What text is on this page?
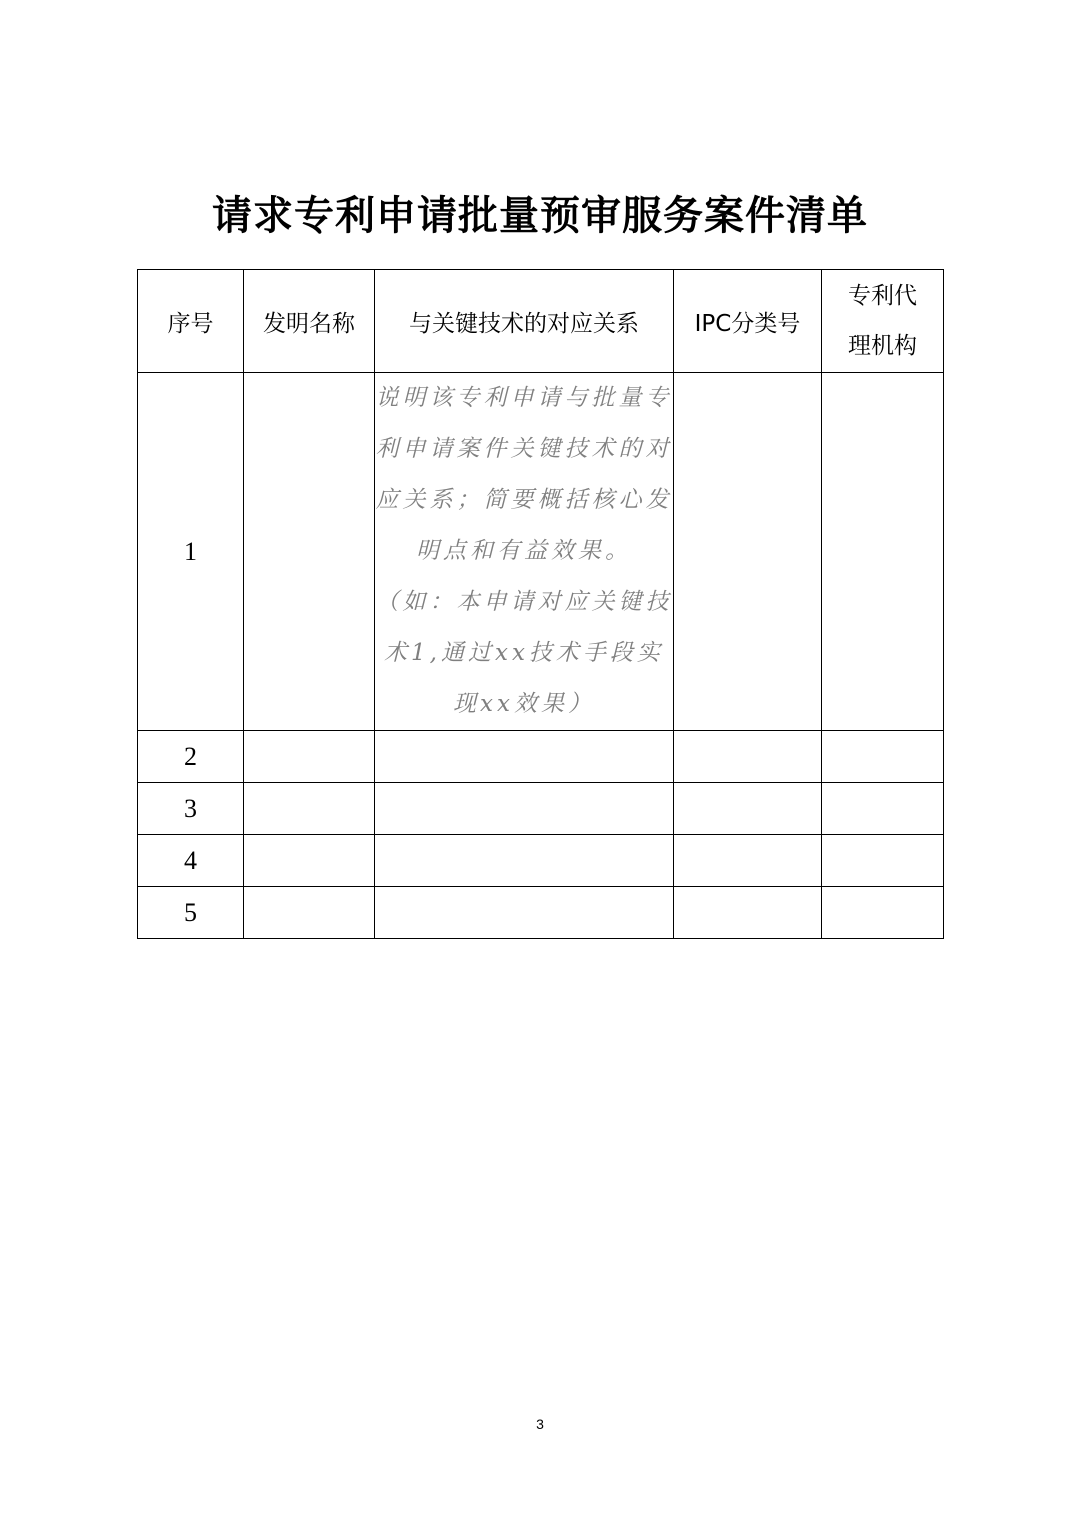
请求专利申请批量预审服务案件清单
序号	发明名称	与关键技术的对应关系	IPC分类号	专利代
理机构

1		说明该专利申请与批量专利申请案件关键技术的对应关系；简要概括核心发明点和有益效果。

（如：本申请对应关键技术1,通过xx技术手段实现xx效果）		

2				
3				
4				
5				
3
